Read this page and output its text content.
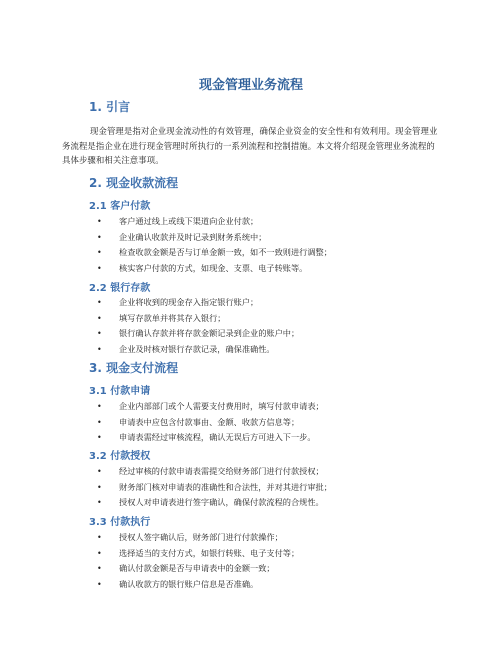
现金管理业务流程
1. 引言

现金管理是指对企业现金流动性的有效管理，确保企业资金的安全性和有效利用。现金管理业务流程是指企业在进行现金管理时所执行的一系列流程和控制措施。本文将介绍现金管理业务流程的具体步骤和相关注意事项。

2. 现金收款流程
2.1 客户付款
• 客户通过线上或线下渠道向企业付款；
• 企业确认收款并及时记录到财务系统中；
• 检查收款金额是否与订单金额一致，如不一致则进行调整；
• 核实客户付款的方式，如现金、支票、电子转账等。
2.2 银行存款
• 企业将收到的现金存入指定银行账户；
• 填写存款单并将其存入银行；
• 银行确认存款并将存款金额记录到企业的账户中；
• 企业及时核对银行存款记录，确保准确性。
3. 现金支付流程
3.1 付款申请
• 企业内部部门或个人需要支付费用时，填写付款申请表；
• 申请表中应包含付款事由、金额、收款方信息等；
• 申请表需经过审核流程，确认无误后方可进入下一步。
3.2 付款授权
• 经过审核的付款申请表需提交给财务部门进行付款授权；
• 财务部门核对申请表的准确性和合法性，并对其进行审批；
• 授权人对申请表进行签字确认，确保付款流程的合规性。
3.3 付款执行
• 授权人签字确认后，财务部门进行付款操作；
• 选择适当的支付方式，如银行转账、电子支付等；
• 确认付款金额是否与申请表中的金额一致；
• 确认收款方的银行账户信息是否准确。
